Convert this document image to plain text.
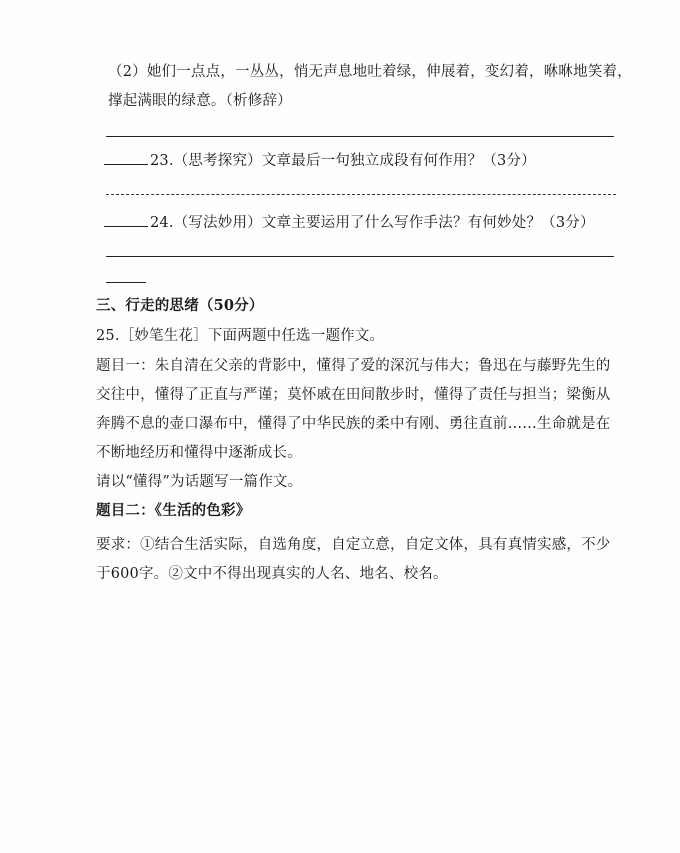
（2）她们一点点，一丛丛，悄无声息地吐着绿，伸展着，变幻着，咻咻地笑着，
撑起满眼的绿意。（析修辞）
23.（思考探究）文章最后一句独立成段有何作用？（3分）
24.（写法妙用）文章主要运用了什么写作手法？有何妙处？（3分）
三、行走的思绪（50分）
25.［妙笔生花］下面两题中任选一题作文。
题目一：朱自清在父亲的背影中，懂得了爱的深沉与伟大；鲁迅在与藤野先生的
交往中，懂得了正直与严谨；莫怀戚在田间散步时，懂得了责任与担当；梁衡从
奔腾不息的壶口瀑布中，懂得了中华民族的柔中有刚、勇往直前……生命就是在
不断地经历和懂得中逐渐成长。
请以“懂得”为话题写一篇作文。
题目二：《生活的色彩》
要求：①结合生活实际，自选角度，自定立意，自定文体，具有真情实感，不少
于600字。②文中不得出现真实的人名、地名、校名。
